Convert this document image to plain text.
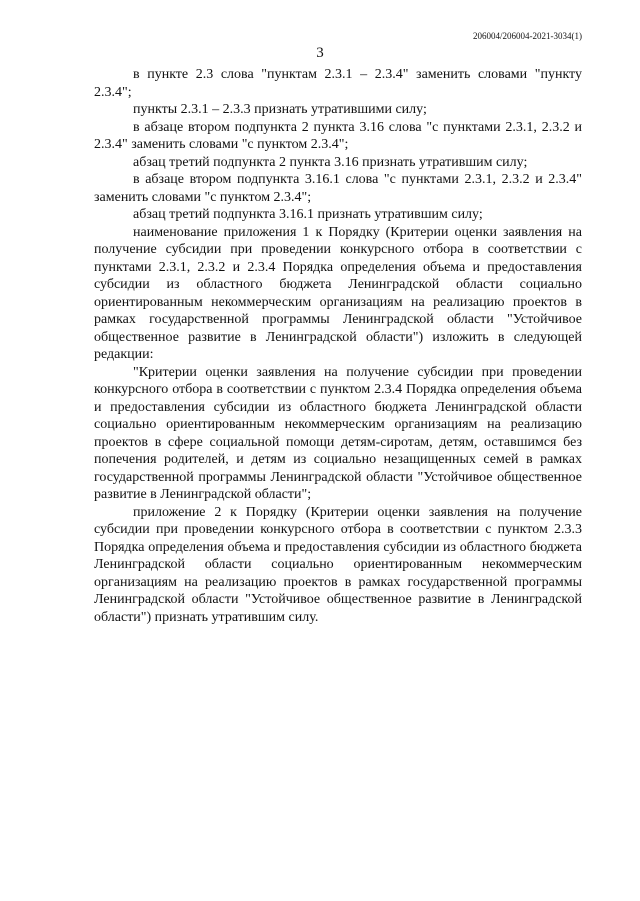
206004/206004-2021-3034(1)
3

в пункте 2.3 слова "пунктам 2.3.1 – 2.3.4" заменить словами "пункту 2.3.4";

пункты 2.3.1 – 2.3.3 признать утратившими силу;

в абзаце втором подпункта 2 пункта 3.16 слова "с пунктами 2.3.1, 2.3.2 и 2.3.4" заменить словами "с пунктом 2.3.4";

абзац третий подпункта 2 пункта 3.16 признать утратившим силу;

в абзаце втором подпункта 3.16.1 слова "с пунктами 2.3.1, 2.3.2 и 2.3.4" заменить словами "с пунктом 2.3.4";

абзац третий подпункта 3.16.1 признать утратившим силу;

наименование приложения 1 к Порядку (Критерии оценки заявления на получение субсидии при проведении конкурсного отбора в соответствии с пунктами 2.3.1, 2.3.2 и 2.3.4 Порядка определения объема и предоставления субсидии из областного бюджета Ленинградской области социально ориентированным некоммерческим организациям на реализацию проектов в рамках государственной программы Ленинградской области "Устойчивое общественное развитие в Ленинградской области") изложить в следующей редакции:

"Критерии оценки заявления на получение субсидии при проведении конкурсного отбора в соответствии с пунктом 2.3.4 Порядка определения объема и предоставления субсидии из областного бюджета Ленинградской области социально ориентированным некоммерческим организациям на реализацию проектов в сфере социальной помощи детям-сиротам, детям, оставшимся без попечения родителей, и детям из социально незащищенных семей в рамках государственной программы Ленинградской области "Устойчивое общественное развитие в Ленинградской области";

приложение 2 к Порядку (Критерии оценки заявления на получение субсидии при проведении конкурсного отбора в соответствии с пунктом 2.3.3 Порядка определения объема и предоставления субсидии из областного бюджета Ленинградской области социально ориентированным некоммерческим организациям на реализацию проектов в рамках государственной программы Ленинградской области "Устойчивое общественное развитие в Ленинградской области") признать утратившим силу.
